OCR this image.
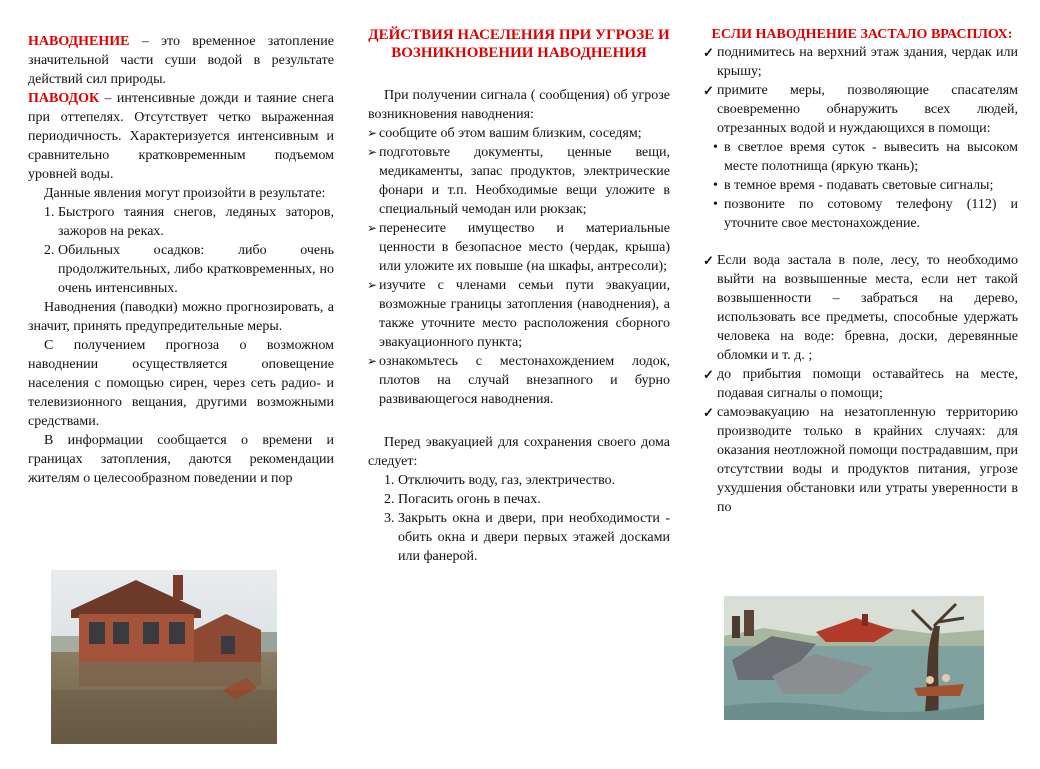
НАВОДНЕНИЕ – это временное затопление значительной части суши водой в результате действий сил природы.

ПАВОДОК – интенсивные дожди и таяние снега при оттепелях. Отсутствует четко выраженная периодичность. Характеризуется интенсивным и сравнительно кратковременным подъемом уровней воды.

Данные явления могут произойти в результате:

1. Быстрого таяния снегов, ледяных заторов, зажоров на реках.
2. Обильных осадков: либо очень продолжительных, либо кратковременных, но очень интенсивных.

Наводнения (паводки) можно прогнозировать, а значит, принять предупредительные меры.

С получением прогноза о возможном наводнении осуществляется оповещение населения с помощью сирен, через сеть радио- и телевизионного вещания, другими возможными средствами.

В информации сообщается о времени и границах затопления, даются рекомендации жителям о целесообразном поведении и пор

ДЕЙСТВИЯ НАСЕЛЕНИЯ ПРИ УГРОЗЕ И ВОЗНИКНОВЕНИИ НАВОДНЕНИЯ

При получении сигнала ( сообщения) об угрозе возникновения наводнения:

➢ сообщите об этом вашим близким, соседям;
➢ подготовьте документы, ценные вещи, медикаменты, запас продуктов, электрические фонари и т.п. Необходимые вещи уложите в специальный чемодан или рюкзак;
➢ перенесите имущество и материальные ценности в безопасное место (чердак, крыша) или уложите их повыше (на шкафы, антресоли);
➢ изучите с членами семьи пути эвакуации, возможные границы затопления (наводнения), а также уточните место расположения сборного эвакуационного пункта;
➢ ознакомьтесь с местонахождением лодок, плотов на случай внезапного и бурно развивающегося наводнения.

Перед эвакуацией для сохранения своего дома следует:

1. Отключить воду, газ, электричество.
2. Погасить огонь в печах.
3. Закрыть окна и двери, при необходимости - обить окна и двери первых этажей досками или фанерой.
ЕСЛИ НАВОДНЕНИЕ ЗАСТАЛО ВРАСПЛОХ:
✓ поднимитесь на верхний этаж здания, чердак или крышу;
✓ примите меры, позволяющие спасателям своевременно обнаружить всех людей, отрезанных водой и нуждающихся в помощи:
• в светлое время суток - вывесить на высоком месте полотнища (яркую ткань);
• в темное время - подавать световые сигналы;
• позвоните по сотовому телефону (112) и уточните свое местонахождение.
✓ Если вода застала в поле, лесу, то необходимо выйти на возвышенные места, если нет такой возвышенности – забраться на дерево, использовать все предметы, способные удержать человека на воде: бревна, доски, деревянные обломки и т. д. ;
✓ до прибытия помощи оставайтесь на месте, подавая сигналы о помощи;
✓ самоэвакуацию на незатопленную территорию производите только в крайних случаях: для оказания неотложной помощи пострадавшим, при отсутствии воды и продуктов питания, угрозе ухудшения обстановки или утраты уверенности в по
